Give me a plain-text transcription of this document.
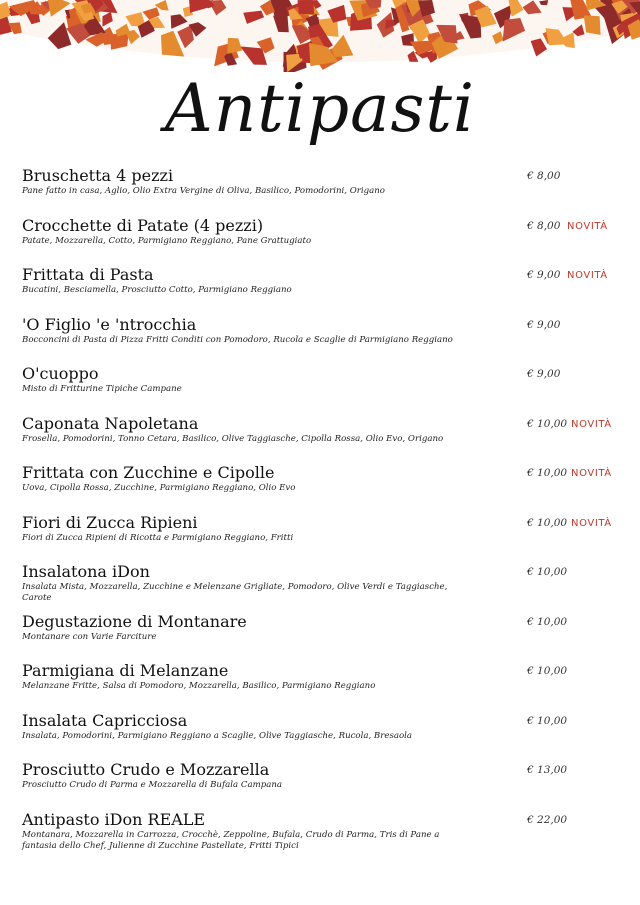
Antipasti
Bruschetta 4 pezzi
Pane fatto in casa, Aglio, Olio Extra Vergine di Oliva, Basilico, Pomodorini, Origano
€ 8,00
Crocchette di Patate (4 pezzi)
Patate, Mozzarella, Cotto, Parmigiano Reggiano, Pane Grattugiato
€ 8,00 NOVITÀ
Frittata di Pasta
Bucatini, Besciamella, Prosciutto Cotto, Parmigiano Reggiano
€ 9,00 NOVITÀ
'O Figlio 'e 'ntrocchia
Bocconcini di Pasta di Pizza Fritti Conditi con Pomodoro, Rucola e Scaglie di Parmigiano Reggiano
€ 9,00
O'cuoppo
Misto di Fritturine Tipiche Campane
€ 9,00
Caponata Napoletana
Frosella, Pomodorini, Tonno Cetara, Basilico, Olive Taggiasche, Cipolla Rossa, Olio Evo, Origano
€ 10,00 NOVITÀ
Frittata con Zucchine e Cipolle
Uova, Cipolla Rossa, Zucchine, Parmigiano Reggiano, Olio Evo
€ 10,00 NOVITÀ
Fiori di Zucca Ripieni
Fiori di Zucca Ripieni di Ricotta e Parmigiano Reggiano, Fritti
€ 10,00 NOVITÀ
Insalatona iDon
Insalata Mista, Mozzarella, Zucchine e Melenzane Grigliate, Pomodoro, Olive Verdi e Taggiasche, Carote
€ 10,00
Degustazione di Montanare
Montanare con Varie Farciture
€ 10,00
Parmigiana di Melanzane
Melanzane Fritte, Salsa di Pomodoro, Mozzarella, Basilico, Parmigiano Reggiano
€ 10,00
Insalata Capricciosa
Insalata, Pomodorini, Parmigiano Reggiano a Scaglie, Olive Taggiasche, Rucola, Bresaola
€ 10,00
Prosciutto Crudo e Mozzarella
Prosciutto Crudo di Parma e Mozzarella di Bufala Campana
€ 13,00
Antipasto iDon REALE
Montanara, Mozzarella in Carrozza, Crocchè, Zeppoline, Bufala, Crudo di Parma, Tris di Pane a fantasia dello Chef, Julienne di Zucchine Pastellate, Fritti Tipici
€ 22,00
